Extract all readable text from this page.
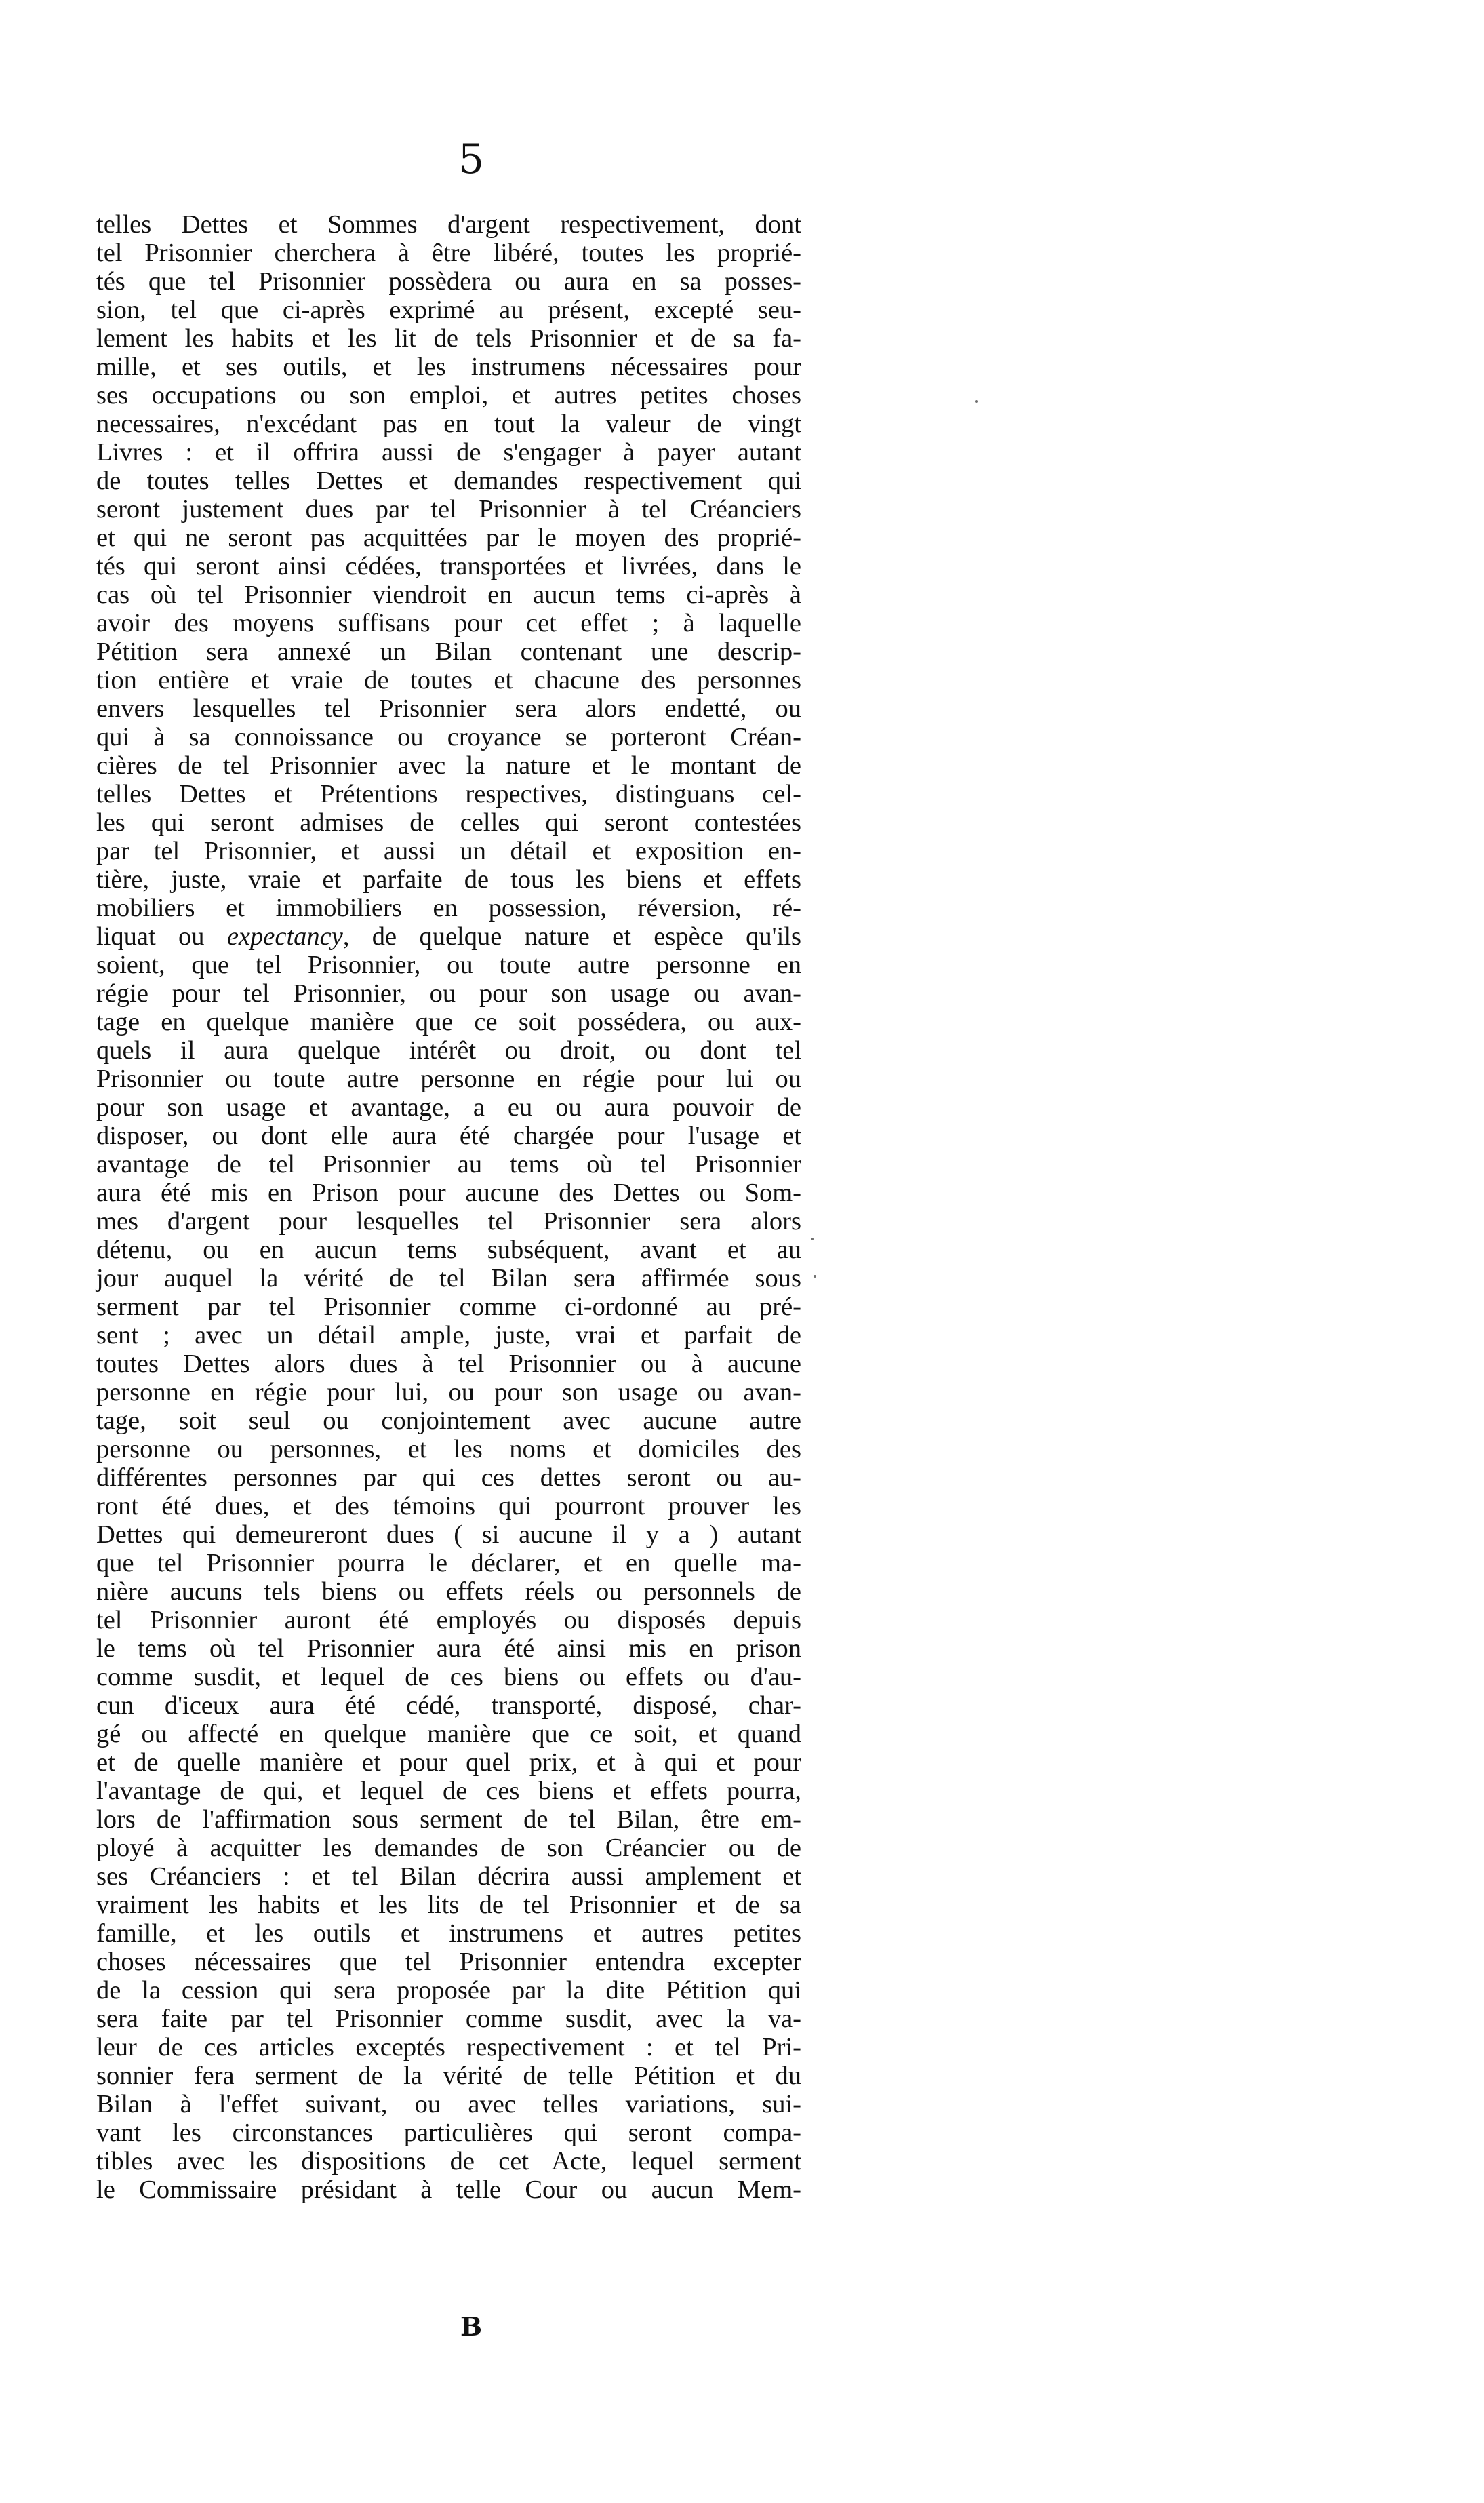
5
telles Dettes et Sommes d'argent respectivement, dont
tel Prisonnier cherchera à être libéré, toutes les proprié-
tés que tel Prisonnier possèdera ou aura en sa posses-
sion, tel que ci-après exprimé au présent, excepté seu-
lement les habits et les lit de tels Prisonnier et de sa fa-
mille, et ses outils, et les instrumens nécessaires pour
ses occupations ou son emploi, et autres petites choses
necessaires, n'excédant pas en tout la valeur de vingt
Livres : et il offrira aussi de s'engager à payer autant
de toutes telles Dettes et demandes respectivement qui
seront justement dues par tel Prisonnier à tel Créanciers
et qui ne seront pas acquittées par le moyen des proprié-
tés qui seront ainsi cédées, transportées et livrées, dans le
cas où tel Prisonnier viendroit en aucun tems ci-après à
avoir des moyens suffisans pour cet effet ; à laquelle
Pétition sera annexé un Bilan contenant une descrip-
tion entière et vraie de toutes et chacune des personnes
envers lesquelles tel Prisonnier sera alors endetté, ou
qui à sa connoissance ou croyance se porteront Créan-
cières de tel Prisonnier avec la nature et le montant de
telles Dettes et Prétentions respectives, distinguans cel-
les qui seront admises de celles qui seront contestées
par tel Prisonnier, et aussi un détail et exposition en-
tière, juste, vraie et parfaite de tous les biens et effets
mobiliers et immobiliers en possession, réversion, ré-
liquat ou expectancy, de quelque nature et espèce qu'ils
soient, que tel Prisonnier, ou toute autre personne en
régie pour tel Prisonnier, ou pour son usage ou avan-
tage en quelque manière que ce soit possédera, ou aux-
quels il aura quelque intérêt ou droit, ou dont tel
Prisonnier ou toute autre personne en régie pour lui ou
pour son usage et avantage, a eu ou aura pouvoir de
disposer, ou dont elle aura été chargée pour l'usage et
avantage de tel Prisonnier au tems où tel Prisonnier
aura été mis en Prison pour aucune des Dettes ou Som-
mes d'argent pour lesquelles tel Prisonnier sera alors
détenu, ou en aucun tems subséquent, avant et au
jour auquel la vérité de tel Bilan sera affirmée sous
serment par tel Prisonnier comme ci-ordonné au pré-
sent ; avec un détail ample, juste, vrai et parfait de
toutes Dettes alors dues à tel Prisonnier ou à aucune
personne en régie pour lui, ou pour son usage ou avan-
tage, soit seul ou conjointement avec aucune autre
personne ou personnes, et les noms et domiciles des
différentes personnes par qui ces dettes seront ou au-
ront été dues, et des témoins qui pourront prouver les
Dettes qui demeureront dues ( si aucune il y a ) autant
que tel Prisonnier pourra le déclarer, et en quelle ma-
nière aucuns tels biens ou effets réels ou personnels de
tel Prisonnier auront été employés ou disposés depuis
le tems où tel Prisonnier aura été ainsi mis en prison
comme susdit, et lequel de ces biens ou effets ou d'au-
cun d'iceux aura été cédé, transporté, disposé, char-
gé ou affecté en quelque manière que ce soit, et quand
et de quelle manière et pour quel prix, et à qui et pour
l'avantage de qui, et lequel de ces biens et effets pourra,
lors de l'affirmation sous serment de tel Bilan, être em-
ployé à acquitter les demandes de son Créancier ou de
ses Créanciers : et tel Bilan décrira aussi amplement et
vraiment les habits et les lits de tel Prisonnier et de sa
famille, et les outils et instrumens et autres petites
choses nécessaires que tel Prisonnier entendra excepter
de la cession qui sera proposée par la dite Pétition qui
sera faite par tel Prisonnier comme susdit, avec la va-
leur de ces articles exceptés respectivement : et tel Pri-
sonnier fera serment de la vérité de telle Pétition et du
Bilan à l'effet suivant, ou avec telles variations, sui-
vant les circonstances particulières qui seront compa-
tibles avec les dispositions de cet Acte, lequel serment
le Commissaire présidant à telle Cour ou aucun Mem-
B
